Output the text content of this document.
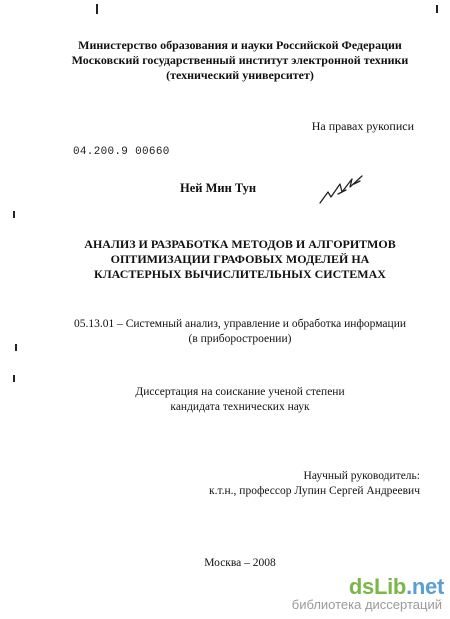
Министерство образования и науки Российской Федерации
Московский государственный институт электронной техники
(технический университет)
На правах рукописи
04.200.9 00660
Ней Мин Тун
АНАЛИЗ И РАЗРАБОТКА МЕТОДОВ И АЛГОРИТМОВ
ОПТИМИЗАЦИИ ГРАФОВЫХ МОДЕЛЕЙ НА
КЛАСТЕРНЫХ ВЫЧИСЛИТЕЛЬНЫХ СИСТЕМАХ
05.13.01 – Системный анализ, управление и обработка информации
(в приборостроении)
Диссертация на соискание ученой степени
кандидата технических наук
Научный руководитель:
к.т.н., профессор Лупин Сергей Андреевич
Москва – 2008
dsLib.net
библиотека диссертаций
